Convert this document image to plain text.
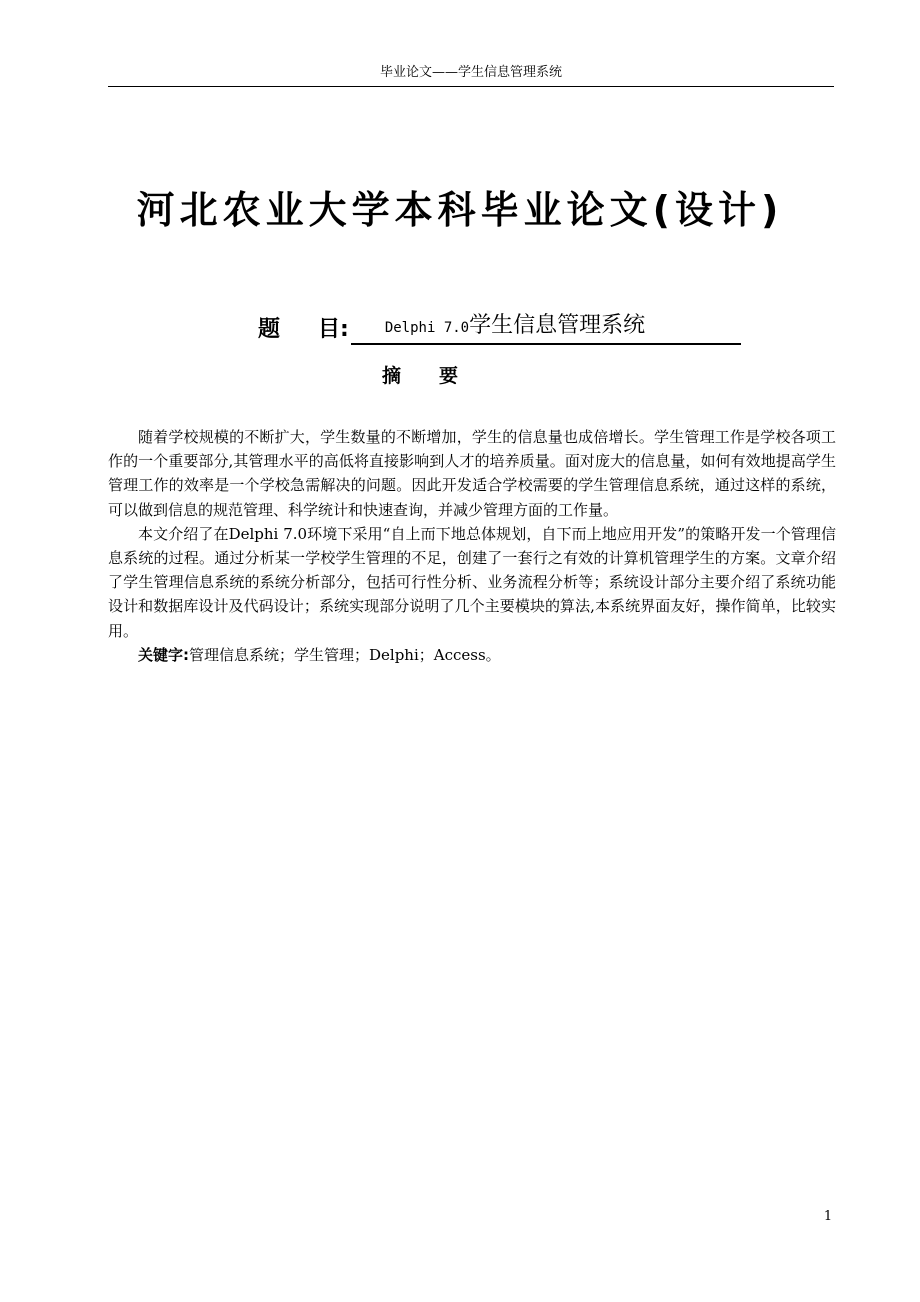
毕业论文——学生信息管理系统
河北农业大学本科毕业论文(设计)
题 目:	Delphi 7.0学生信息管理系统
摘　　要

随着学校规模的不断扩大，学生数量的不断增加，学生的信息量也成倍增长。学生管理工作是学校各项工作的一个重要部分,其管理水平的高低将直接影响到人才的培养质量。面对庞大的信息量，如何有效地提高学生管理工作的效率是一个学校急需解决的问题。因此开发适合学校需要的学生管理信息系统，通过这样的系统，可以做到信息的规范管理、科学统计和快速查询，并减少管理方面的工作量。

本文介绍了在Delphi 7.0环境下采用“自上而下地总体规划，自下而上地应用开发”的策略开发一个管理信息系统的过程。通过分析某一学校学生管理的不足，创建了一套行之有效的计算机管理学生的方案。文章介绍了学生管理信息系统的系统分析部分，包括可行性分析、业务流程分析等；系统设计部分主要介绍了系统功能设计和数据库设计及代码设计；系统实现部分说明了几个主要模块的算法,本系统界面友好，操作简单，比较实用。

关键字:管理信息系统；学生管理；Delphi；Access。

1
